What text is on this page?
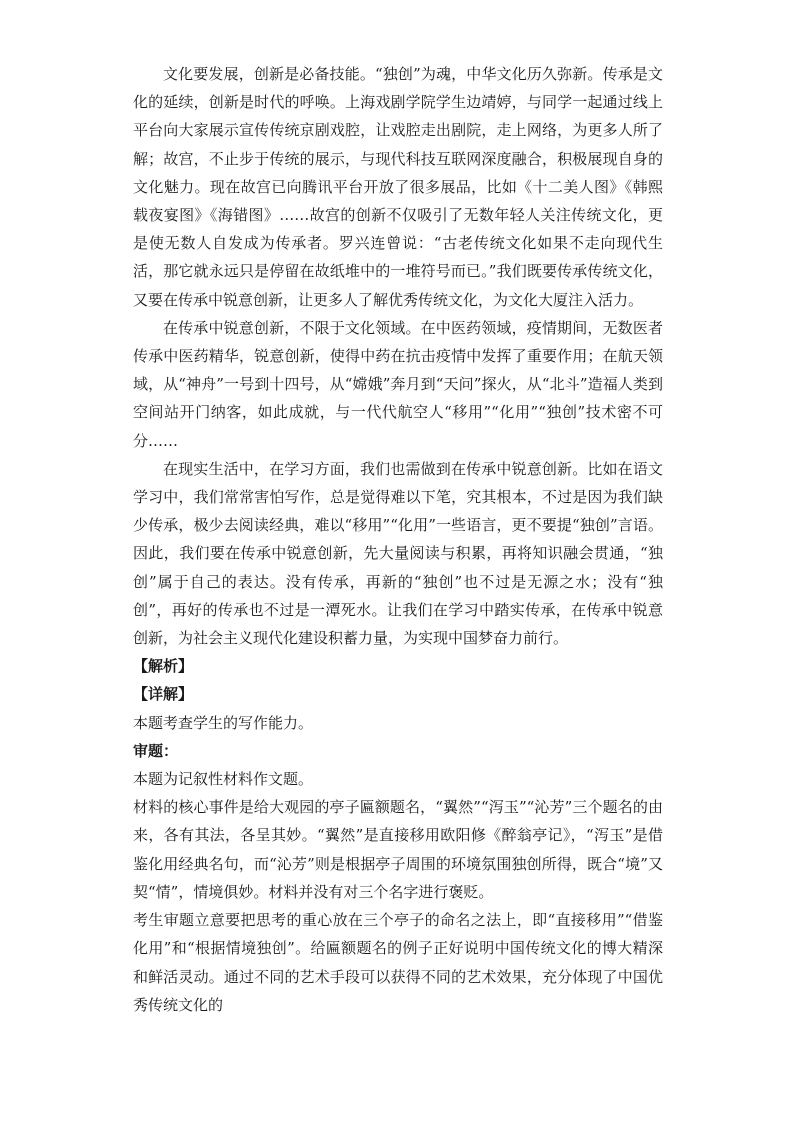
文化要发展，创新是必备技能。“独创”为魂，中华文化历久弥新。传承是文化的延续，创新是时代的呼唤。上海戏剧学院学生边靖婷，与同学一起通过线上平台向大家展示宣传传统京剧戏腔，让戏腔走出剧院，走上网络，为更多人所了解；故宫，不止步于传统的展示，与现代科技互联网深度融合，积极展现自身的文化魅力。现在故宫已向腾讯平台开放了很多展品，比如《十二美人图》《韩熙载夜宴图》《海错图》……故宫的创新不仅吸引了无数年轻人关注传统文化，更是使无数人自发成为传承者。罗兴连曾说：“古老传统文化如果不走向现代生活，那它就永远只是停留在故纸堆中的一堆符号而已。”我们既要传承传统文化，又要在传承中锐意创新，让更多人了解优秀传统文化，为文化大厦注入活力。

在传承中锐意创新，不限于文化领域。在中医药领域，疫情期间，无数医者传承中医药精华，锐意创新，使得中药在抗击疫情中发挥了重要作用；在航天领域，从“神舟”一号到十四号，从“嫦娥”奔月到“天问”探火，从“北斗”造福人类到空间站开门纳客，如此成就，与一代代航空人“移用”“化用”“独创”技术密不可分……

在现实生活中，在学习方面，我们也需做到在传承中锐意创新。比如在语文学习中，我们常常害怕写作，总是觉得难以下笔，究其根本，不过是因为我们缺少传承，极少去阅读经典，难以“移用”“化用”一些语言，更不要提“独创”言语。因此，我们要在传承中锐意创新，先大量阅读与积累，再将知识融会贯通，“独创”属于自己的表达。没有传承，再新的“独创”也不过是无源之水；没有“独创”，再好的传承也不过是一潭死水。让我们在学习中踏实传承，在传承中锐意创新，为社会主义现代化建设积蓄力量，为实现中国梦奋力前行。

【解析】

【详解】

本题考查学生的写作能力。

审题：

本题为记叙性材料作文题。

材料的核心事件是给大观园的亭子匾额题名，“翼然”“泻玉”“沁芳”三个题名的由来，各有其法，各呈其妙。“翼然”是直接移用欧阳修《醉翁亭记》，“泻玉”是借鉴化用经典名句，而“沁芳”则是根据亭子周围的环境氛围独创所得，既合“境”又契“情”，情境俱妙。材料并没有对三个名字进行褒贬。

考生审题立意要把思考的重心放在三个亭子的命名之法上，即“直接移用”“借鉴化用”和“根据情境独创”。给匾额题名的例子正好说明中国传统文化的博大精深和鲜活灵动。通过不同的艺术手段可以获得不同的艺术效果，充分体现了中国优秀传统文化的
